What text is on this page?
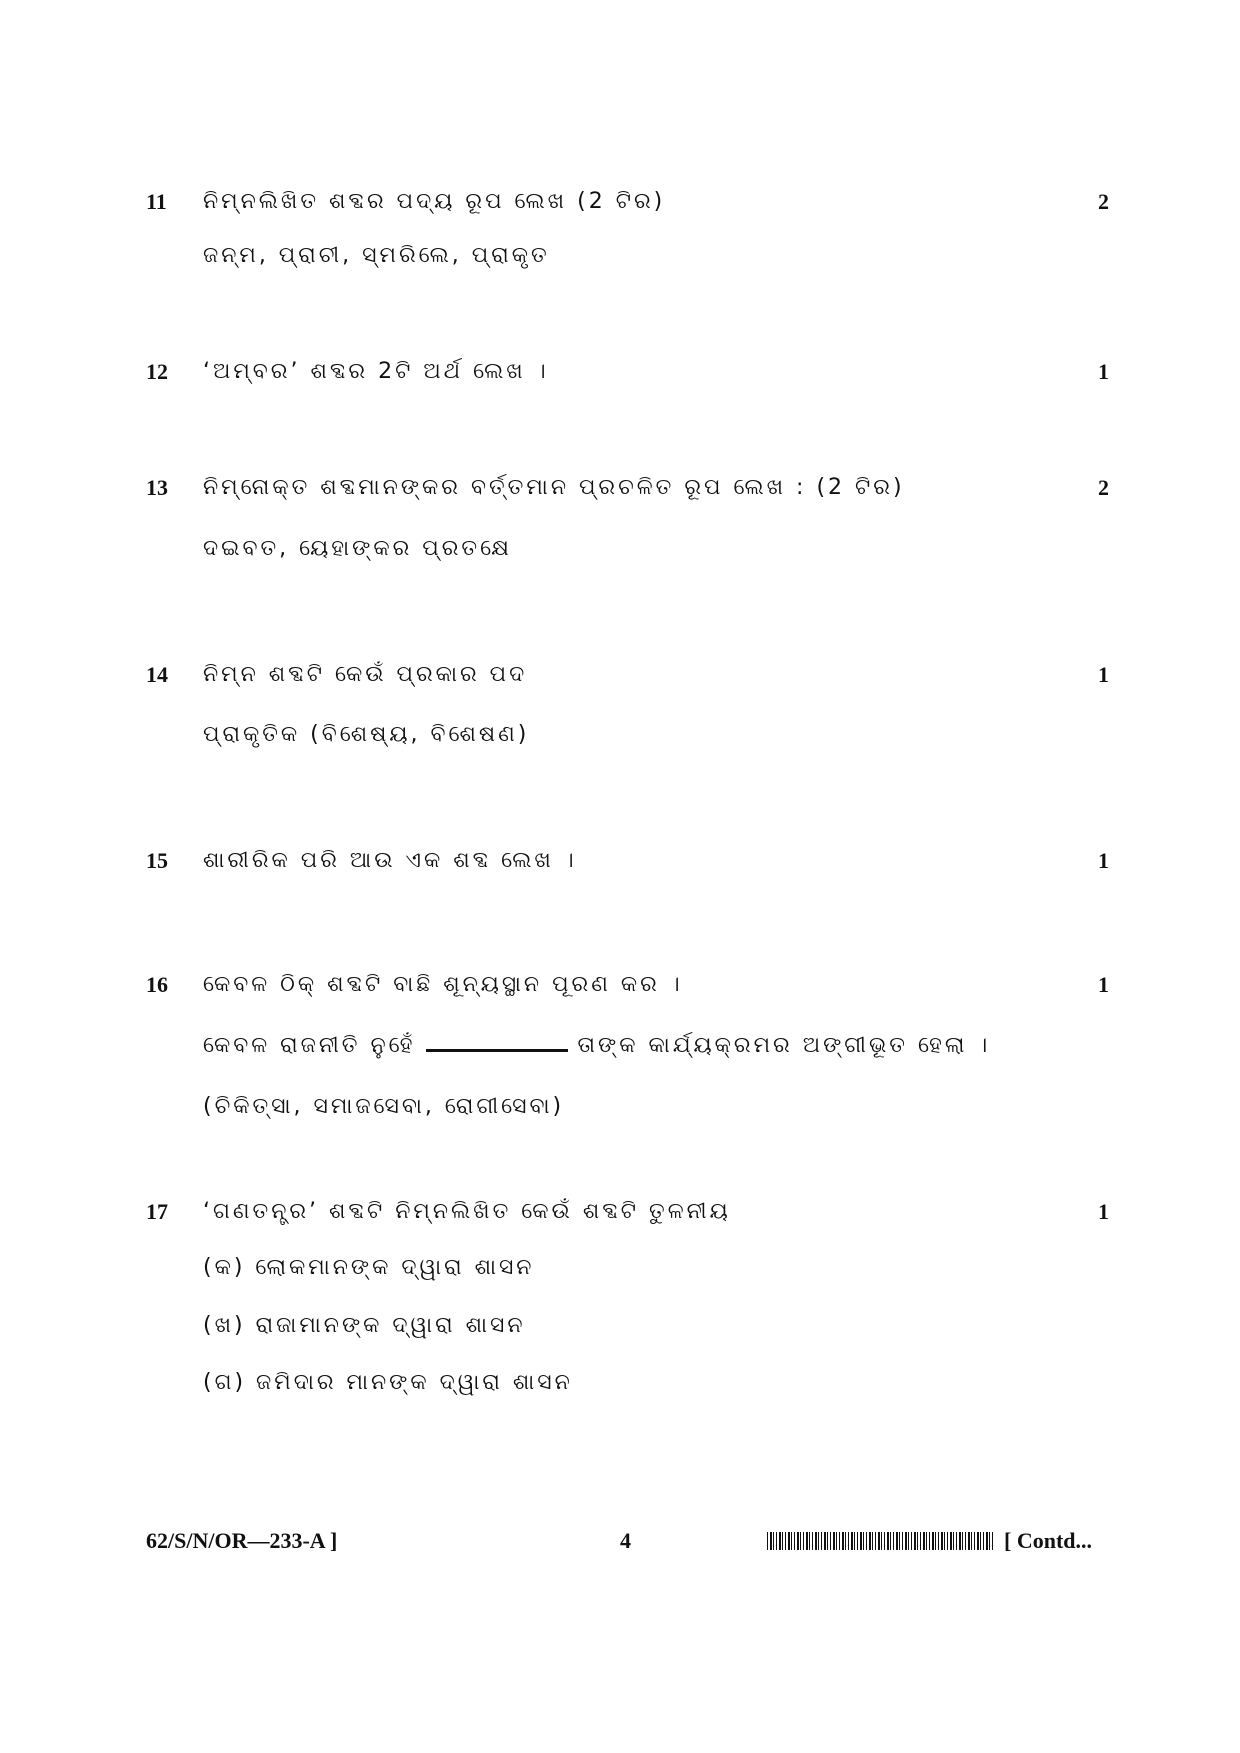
11 ନିମ୍ନଲିଖିତ ଶବ୍ଦର ପଦ୍ୟ ରୂପ ଲେଖ (2 ଟିର)	2
ଜନ୍ମ, ପ୍ରାଚୀ, ସ୍ମରିଲେ, ପ୍ରାକୃତ
12 ‘ଅମ୍ବର’ ଶବ୍ଦର 2ଟି ଅର୍ଥ ଲେଖ ।	1
13 ନିମ୍ନୋକ୍ତ ଶବ୍ଦମାନଙ୍କର ବର୍ତ୍ତମାନ ପ୍ରଚଳିତ ରୂପ ଲେଖ : (2 ଟିର)	2
ଦଇବତ, ୟେହାଙ୍କର ପ୍ରତକ୍ଷେ
14 ନିମ୍ନ ଶବ୍ଦଟି କେଉଁ ପ୍ରକାର ପଦ	1
ପ୍ରାକୃତିକ (ବିଶେଷ୍ୟ, ବିଶେଷଣ)
15 ଶାରୀରିକ ପରି ଆଉ ଏକ ଶବ୍ଦ ଲେଖ ।	1
16 କେବଳ ଠିକ୍ ଶବ୍ଦଟି ବାଛି ଶୂନ୍ୟସ୍ଥାନ ପୂରଣ କର ।	1
କେବଳ ରାଜନୀତି ନୁହେଁ	ତାଙ୍କ କାର୍ଯ୍ୟକ୍ରମର ଅଙ୍ଗୀଭୂତ ହେଲା ।
(ଚିକିତ୍ସା, ସମାଜସେବା, ରୋଗୀସେବା)
17 ‘ଗଣତନ୍ତ୍ର’ ଶବ୍ଦଟି ନିମ୍ନଲିଖିତ କେଉଁ ଶବ୍ଦଟି ତୁଳନୀୟ	1
(କ) ଲୋକମାନଙ୍କ ଦ୍ୱାରା ଶାସନ
(ଖ) ରାଜାମାନଙ୍କ ଦ୍ୱାରା ଶାସନ
(ଗ) ଜମିଦାର ମାନଙ୍କ ଦ୍ୱାରା ଶାସନ
62/S/N/OR—233-A ]	4	[ Contd...
